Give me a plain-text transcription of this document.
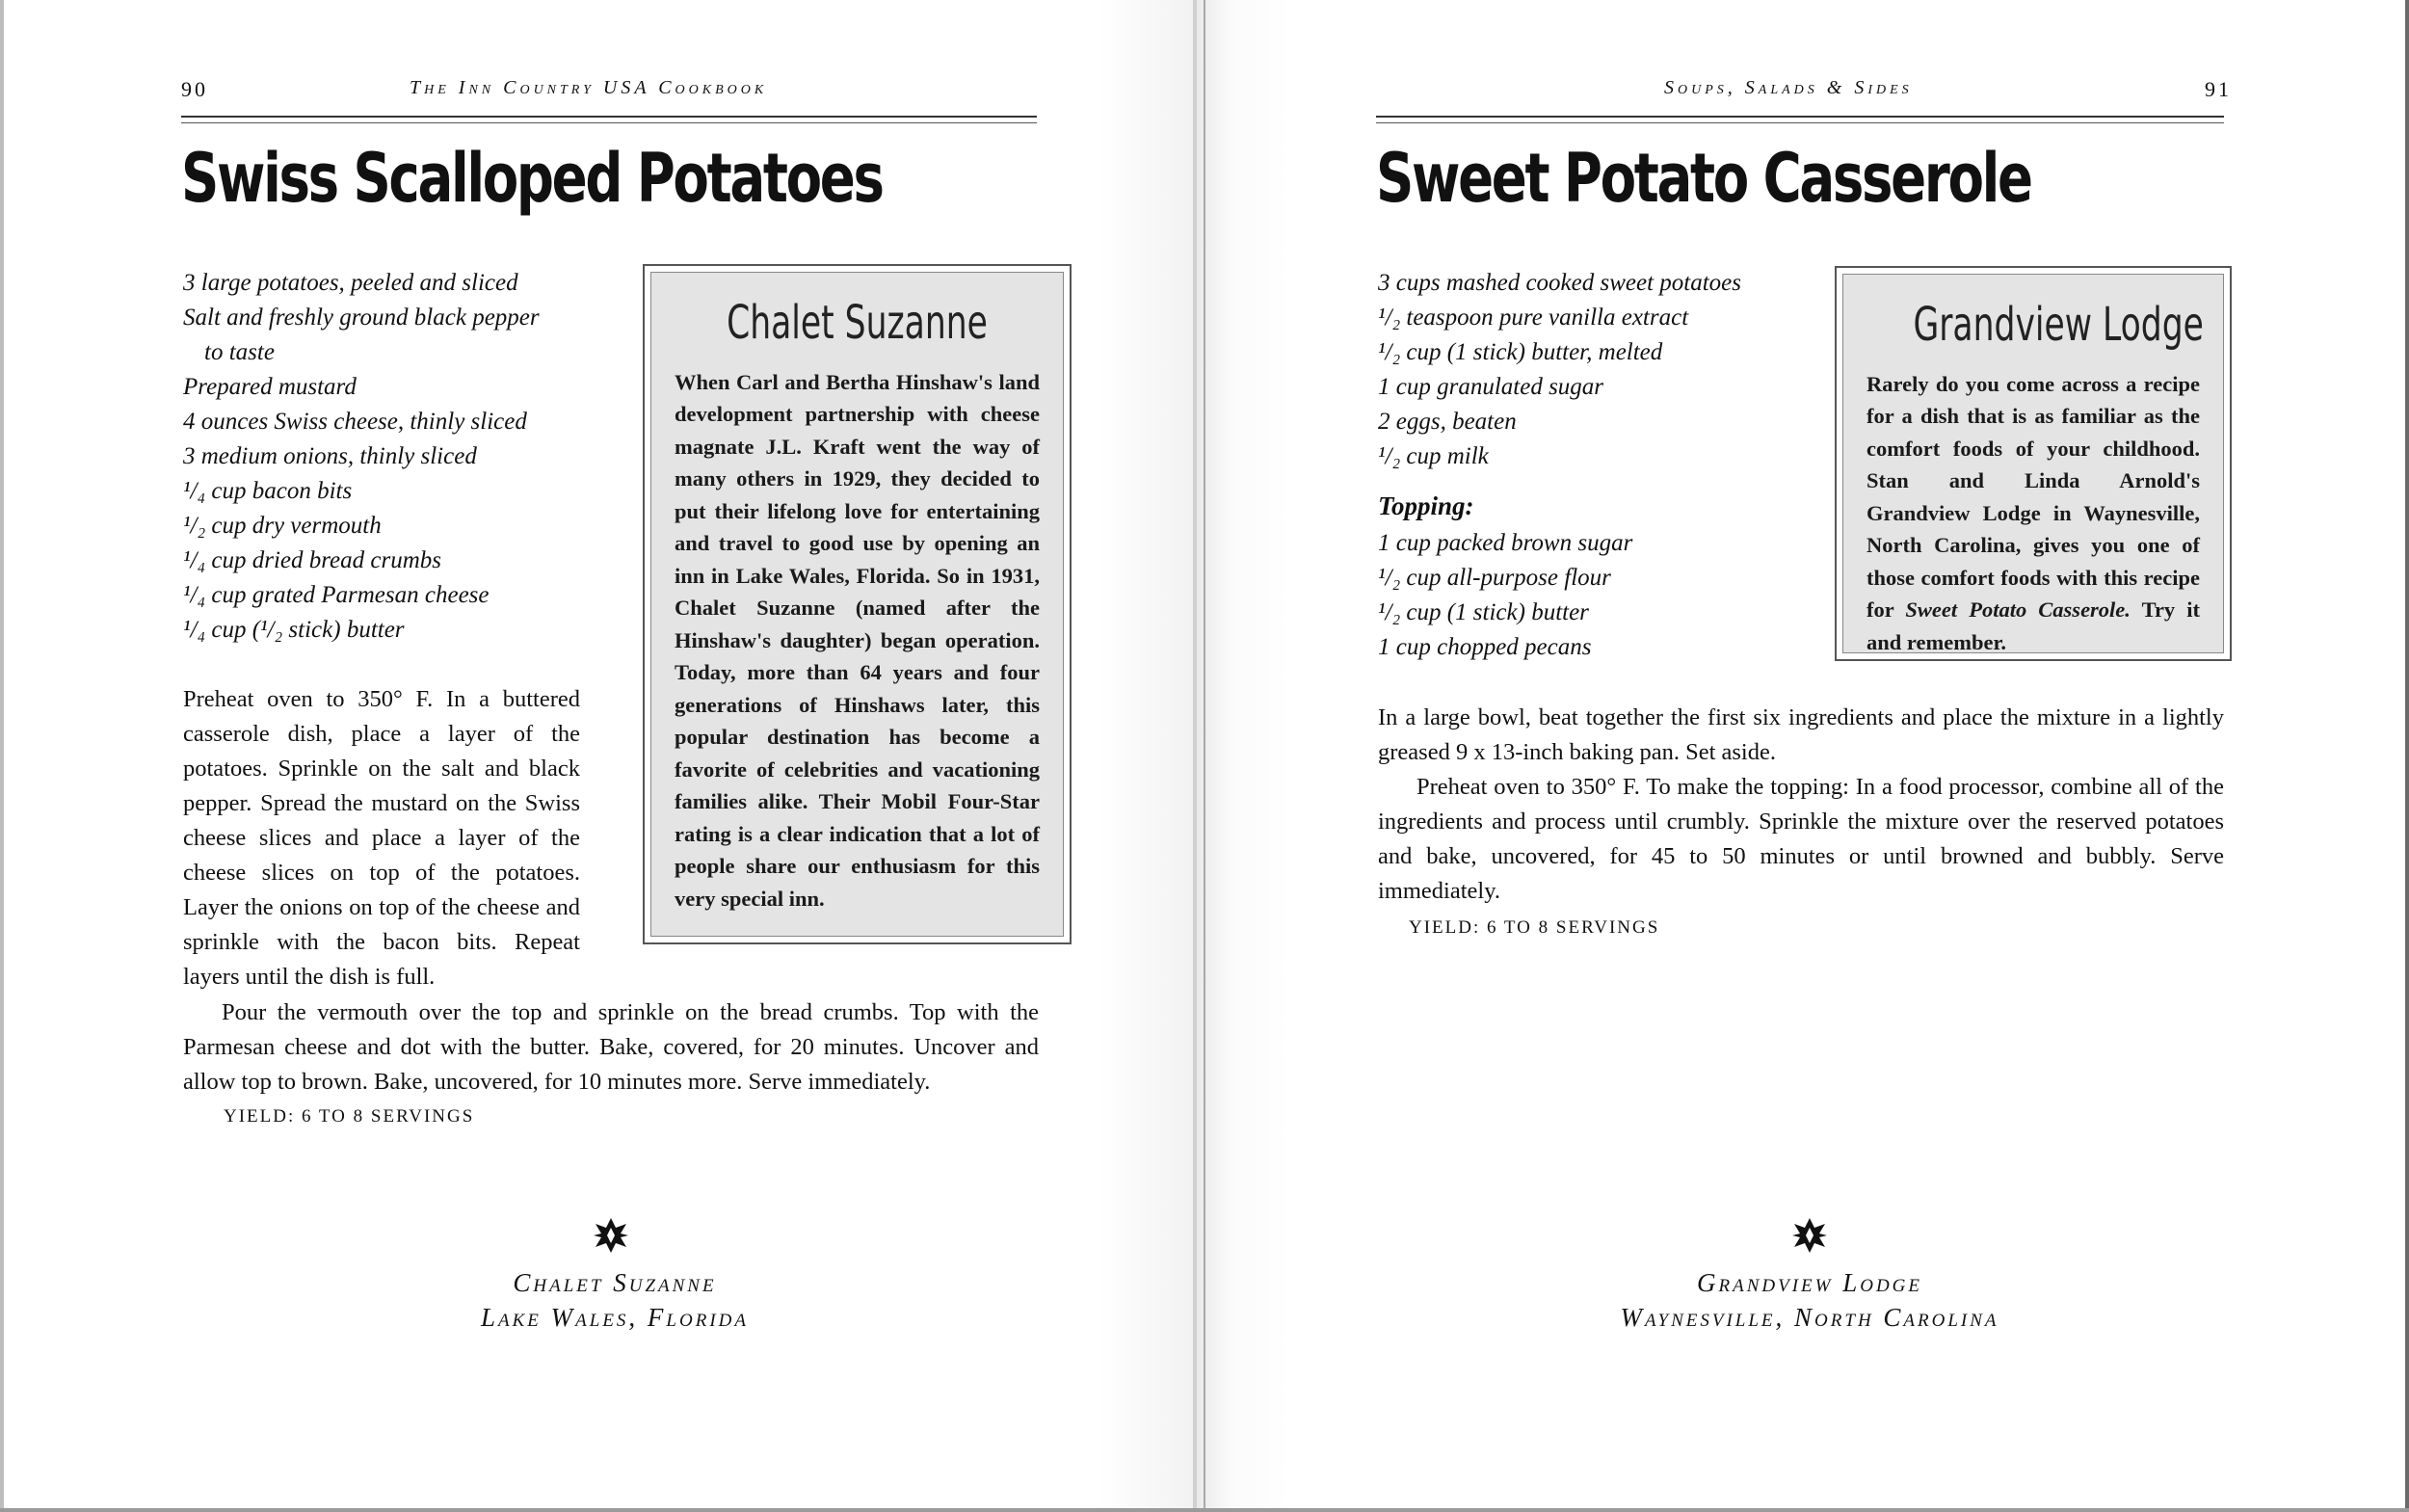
90	The Inn Country USA Cookbook
Swiss Scalloped Potatoes
3 large potatoes, peeled and sliced
Salt and freshly ground black pepper
to taste
Prepared mustard
4 ounces Swiss cheese, thinly sliced
3 medium onions, thinly sliced
¹/₄ cup bacon bits
¹/₂ cup dry vermouth
¹/₄ cup dried bread crumbs
¹/₄ cup grated Parmesan cheese
¹/₄ cup (¹/₂ stick) butter

Preheat oven to 350° F. In a buttered casserole dish, place a layer of the potatoes. Sprinkle on the salt and black pepper. Spread the mustard on the Swiss cheese slices and place a layer of the cheese slices on top of the potatoes. Layer the onions on top of the cheese and sprinkle with the bacon bits. Repeat layers until the dish is full.

Pour the vermouth over the top and sprinkle on the bread crumbs. Top with the Parmesan cheese and dot with the butter. Bake, covered, for 20 minutes. Uncover and allow top to brown. Bake, uncovered, for 10 minutes more. Serve immediately.

YIELD: 6 TO 8 SERVINGS
Chalet Suzanne
When Carl and Bertha Hinshaw's land development partnership with cheese magnate J.L. Kraft went the way of many others in 1929, they decided to put their lifelong love for entertaining and travel to good use by opening an inn in Lake Wales, Florida. So in 1931, Chalet Suzanne (named after the Hinshaw's daughter) began operation. Today, more than 64 years and four generations of Hinshaws later, this popular destination has become a favorite of celebrities and vacationing families alike. Their Mobil Four-Star rating is a clear indication that a lot of people share our enthusiasm for this very special inn.
Chalet Suzanne
Lake Wales, Florida
Soups, Salads & Sides	91
Sweet Potato Casserole
3 cups mashed cooked sweet potatoes
¹/₂ teaspoon pure vanilla extract
¹/₂ cup (1 stick) butter, melted
1 cup granulated sugar
2 eggs, beaten
¹/₂ cup milk
Topping:
1 cup packed brown sugar
¹/₂ cup all-purpose flour
¹/₂ cup (1 stick) butter
1 cup chopped pecans

In a large bowl, beat together the first six ingredients and place the mixture in a lightly greased 9 x 13-inch baking pan. Set aside.

Preheat oven to 350° F. To make the topping: In a food processor, combine all of the ingredients and process until crumbly. Sprinkle the mixture over the reserved potatoes and bake, uncovered, for 45 to 50 minutes or until browned and bubbly. Serve immediately.

YIELD: 6 TO 8 SERVINGS
Grandview Lodge
Rarely do you come across a recipe for a dish that is as familiar as the comfort foods of your childhood. Stan and Linda Arnold's Grandview Lodge in Waynesville, North Carolina, gives you one of those comfort foods with this recipe for Sweet Potato Casserole. Try it and remember.
Grandview Lodge
Waynesville, North Carolina
